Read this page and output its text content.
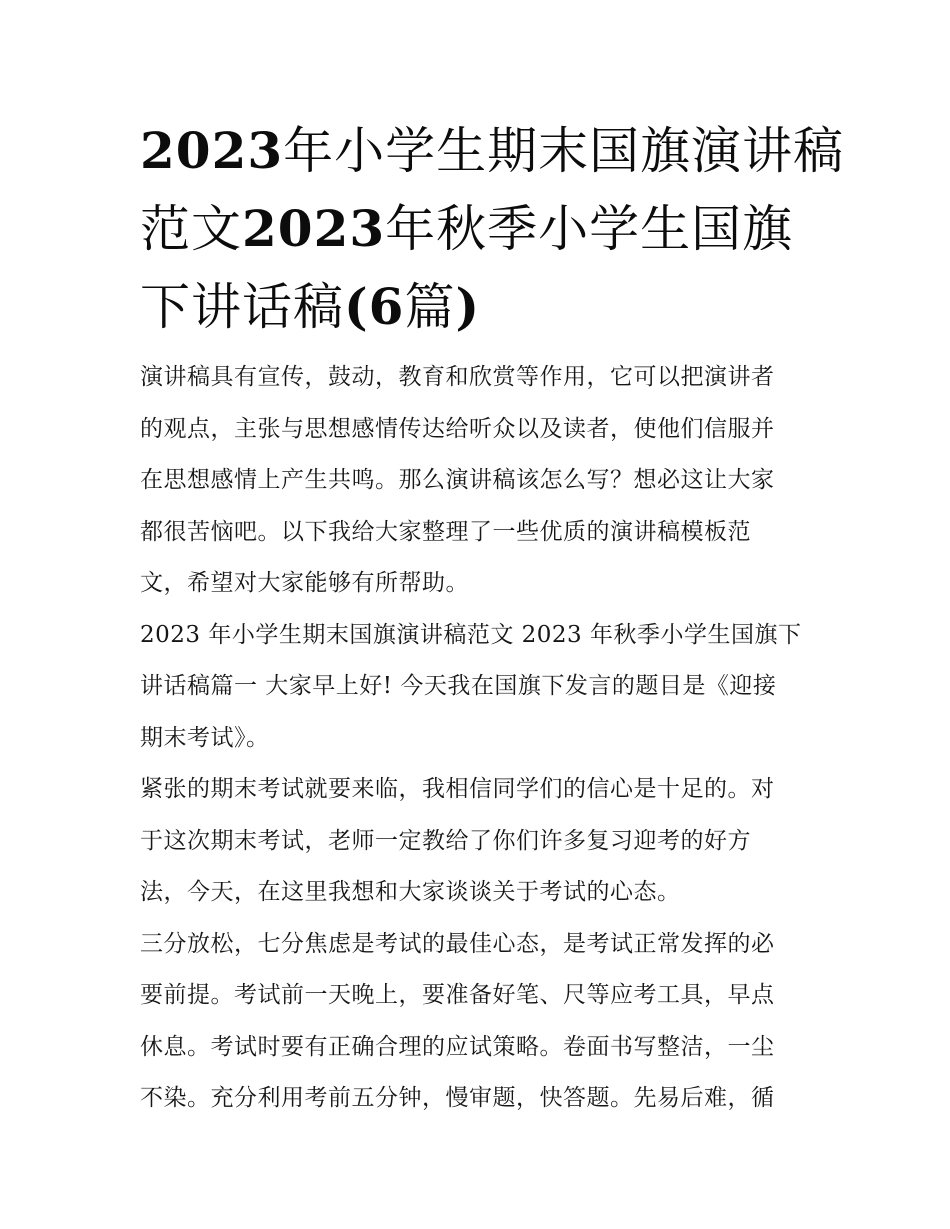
2023年小学生期末国旗演讲稿
范文2023年秋季小学生国旗
下讲话稿(6篇)

演讲稿具有宣传，鼓动，教育和欣赏等作用，它可以把演讲者
的观点，主张与思想感情传达给听众以及读者，使他们信服并
在思想感情上产生共鸣。那么演讲稿该怎么写？想必这让大家
都很苦恼吧。以下我给大家整理了一些优质的演讲稿模板范
文，希望对大家能够有所帮助。

2023 年小学生期末国旗演讲稿范文 2023 年秋季小学生国旗下
讲话稿篇一 大家早上好! 今天我在国旗下发言的题目是《迎接
期末考试》。

紧张的期末考试就要来临，我相信同学们的信心是十足的。对
于这次期末考试，老师一定教给了你们许多复习迎考的好方
法，今天，在这里我想和大家谈谈关于考试的心态。

三分放松，七分焦虑是考试的最佳心态，是考试正常发挥的必
要前提。考试前一天晚上，要准备好笔、尺等应考工具，早点
休息。考试时要有正确合理的应试策略。卷面书写整洁，一尘
不染。充分利用考前五分钟，慢审题，快答题。先易后难，循
